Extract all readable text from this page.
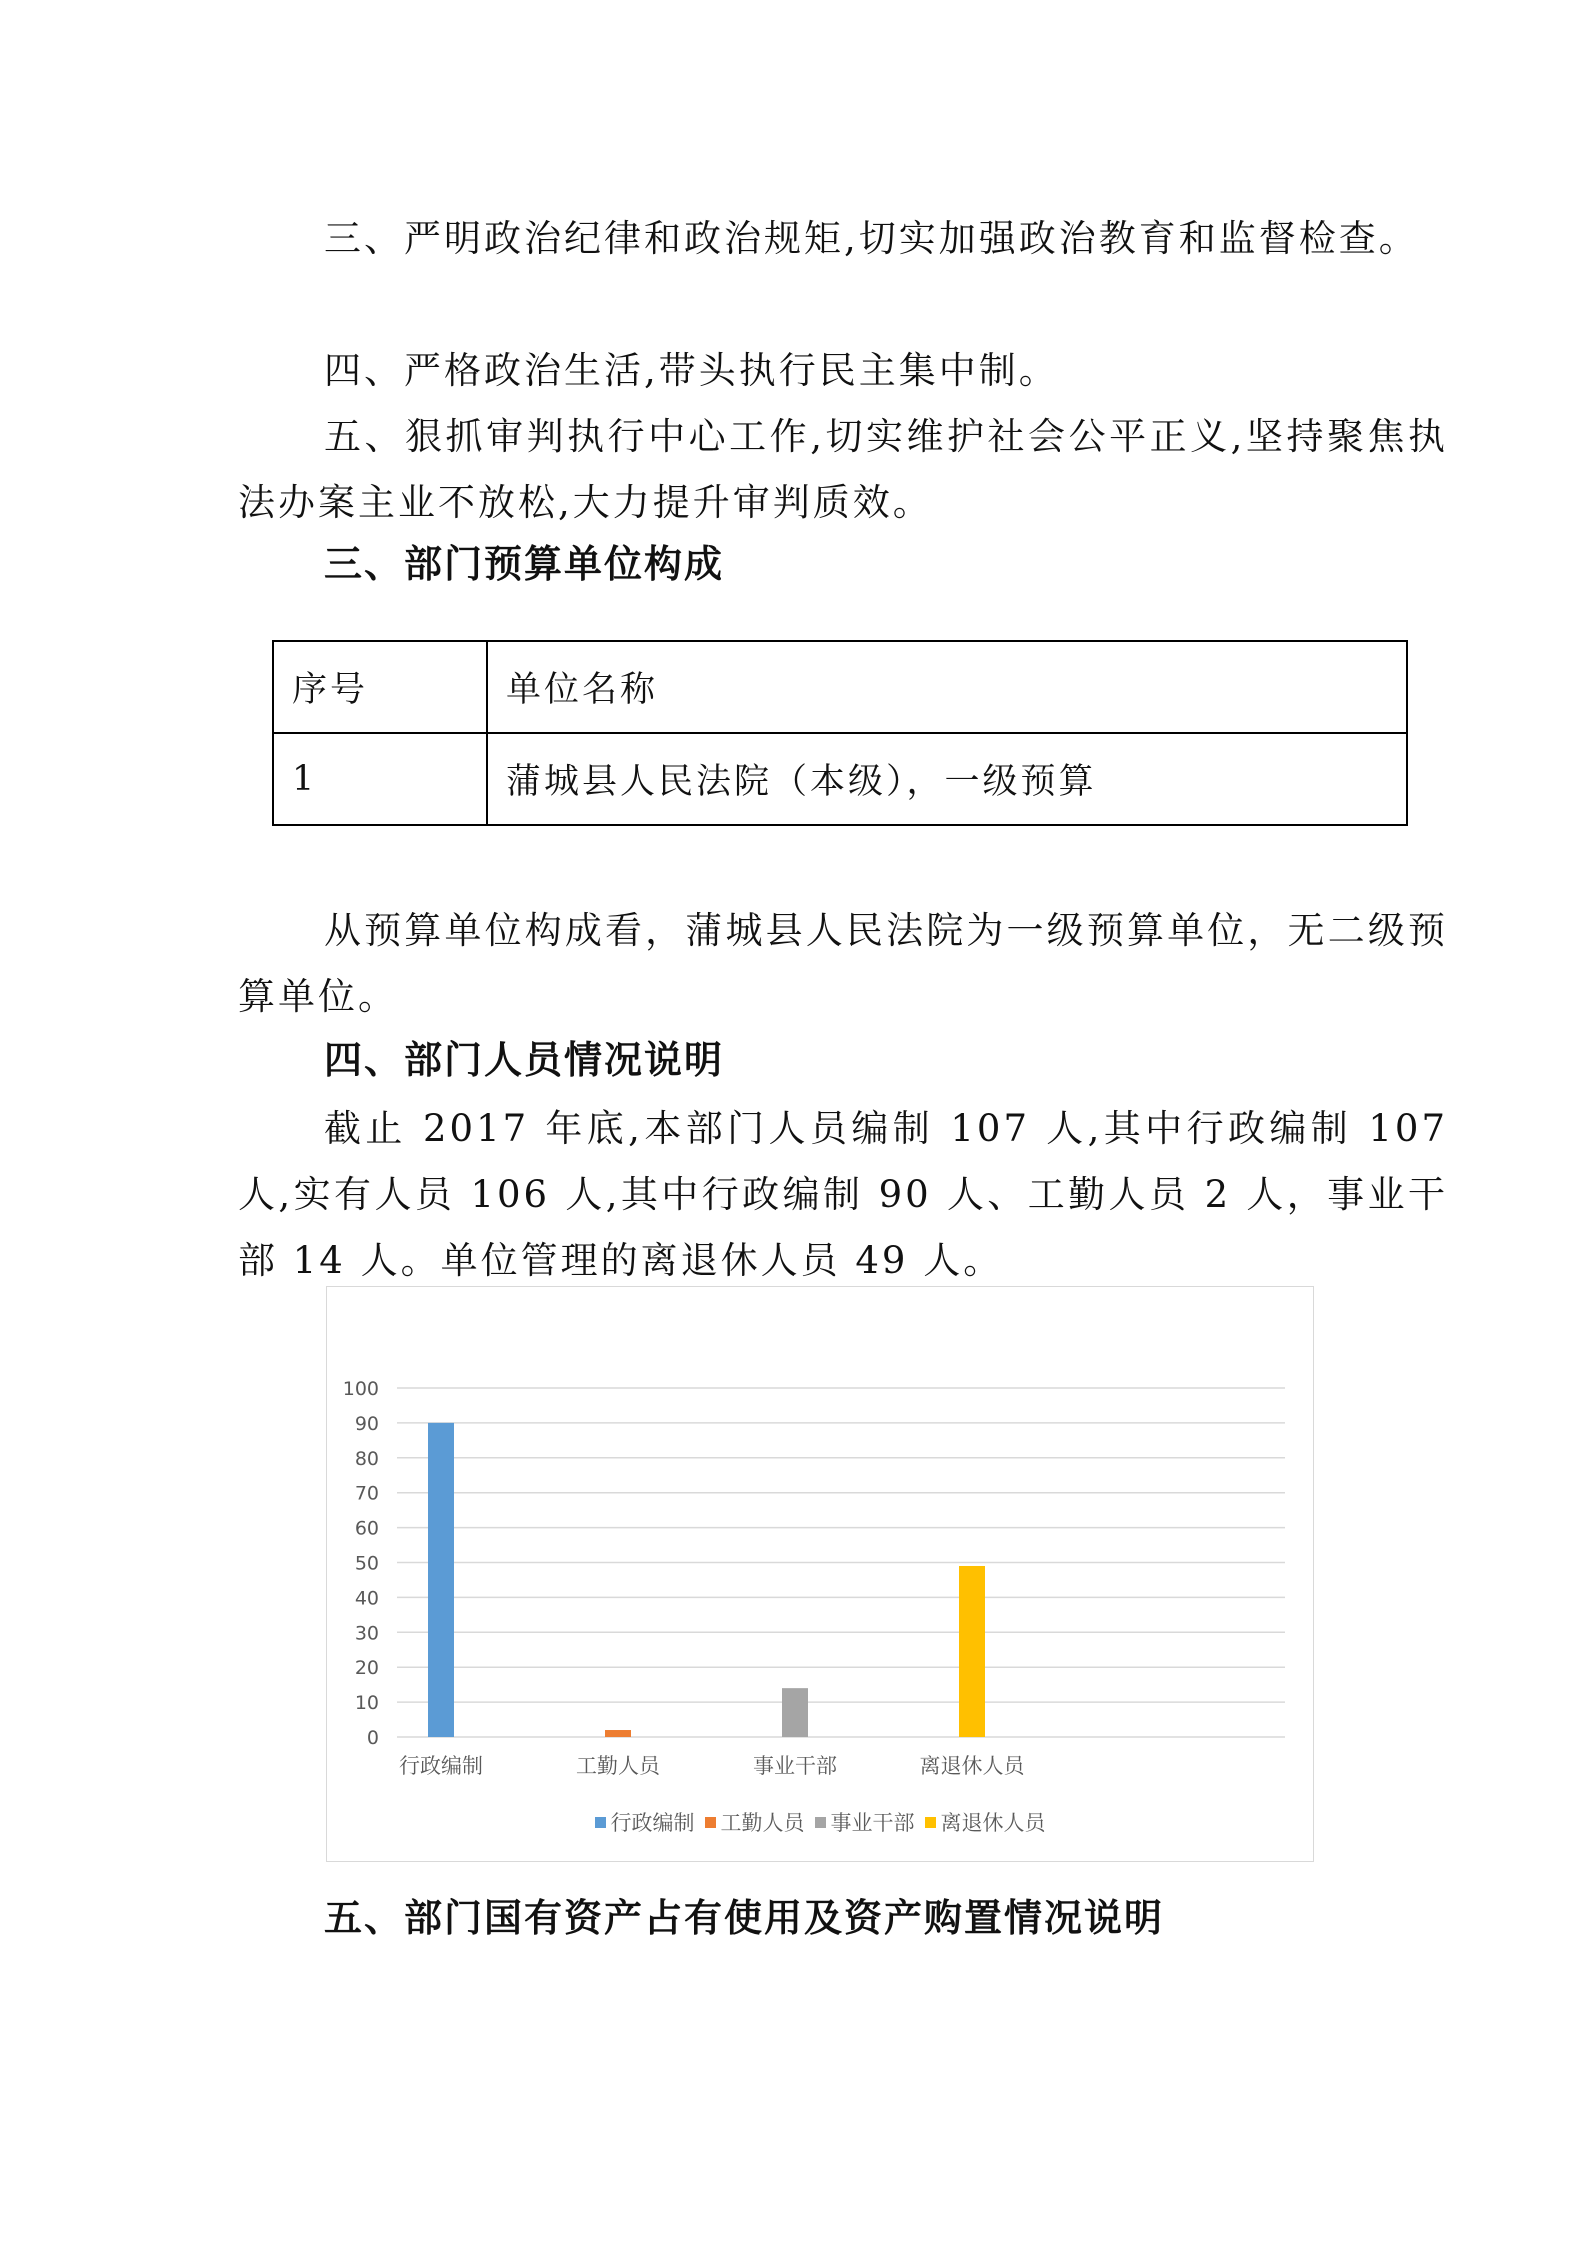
三、严明政治纪律和政治规矩,切实加强政治教育和监督检查。

四、严格政治生活,带头执行民主集中制。

五、狠抓审判执行中心工作,切实维护社会公平正义,坚持聚焦执法办案主业不放松,大力提升审判质效。

三、部门预算单位构成
序号	单位名称
1	蒲城县人民法院（本级），一级预算

从预算单位构成看，蒲城县人民法院为一级预算单位，无二级预算单位。

四、部门人员情况说明

截止 2017 年底,本部门人员编制 107 人,其中行政编制 107 人,实有人员 106 人,其中行政编制 90 人、工勤人员 2 人，事业干部 14 人。单位管理的离退休人员 49 人。

0
10
20
30
40
50
60
70
80
90
100
行政编制	工勤人员	事业干部	离退休人员
行政编制 工勤人员 事业干部 离退休人员
五、部门国有资产占有使用及资产购置情况说明
